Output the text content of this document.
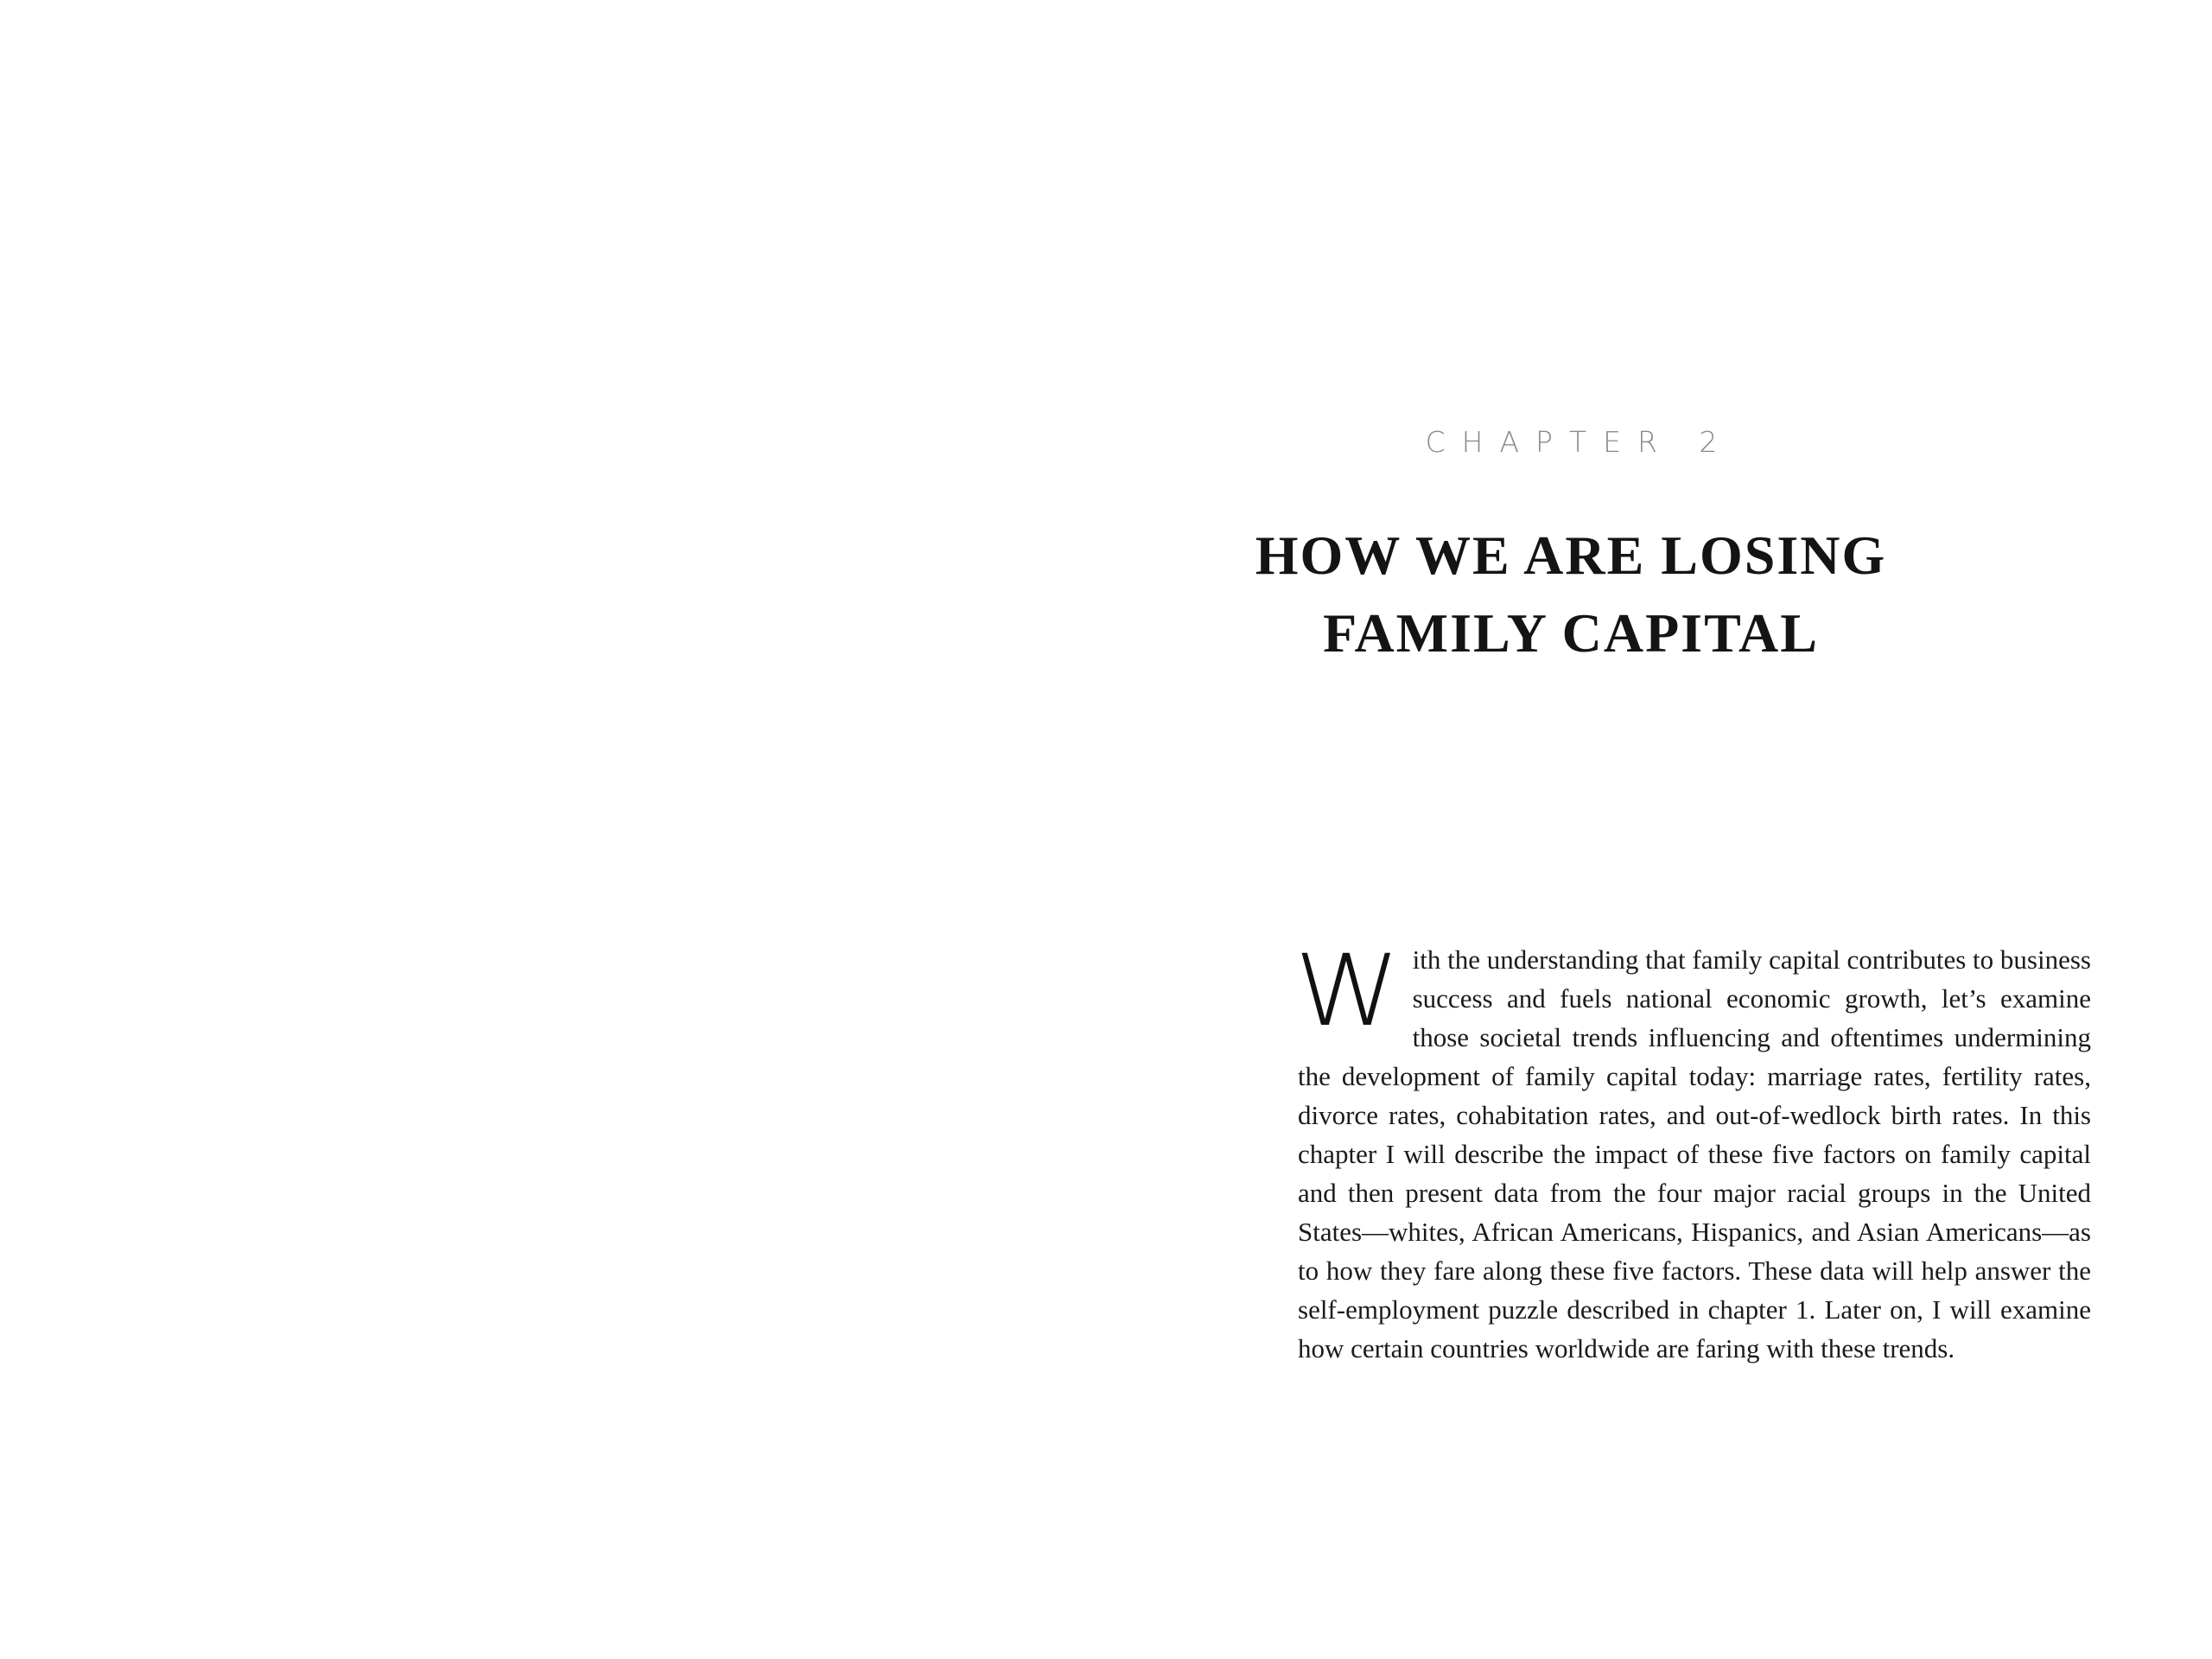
CHAPTER 2
HOW WE ARE LOSING
FAMILY CAPITAL

With the understanding that family capital contributes to business success and fuels national economic growth, let’s examine those societal trends influencing and oftentimes undermining the development of family capital today: marriage rates, fertility rates, divorce rates, cohabitation rates, and out-of-wedlock birth rates. In this chapter I will describe the impact of these five factors on family capital and then present data from the four major racial groups in the United States—whites, African Americans, Hispanics, and Asian Americans—as to how they fare along these five factors. These data will help answer the self-employment puzzle described in chapter 1. Later on, I will examine how certain countries worldwide are faring with these trends.
